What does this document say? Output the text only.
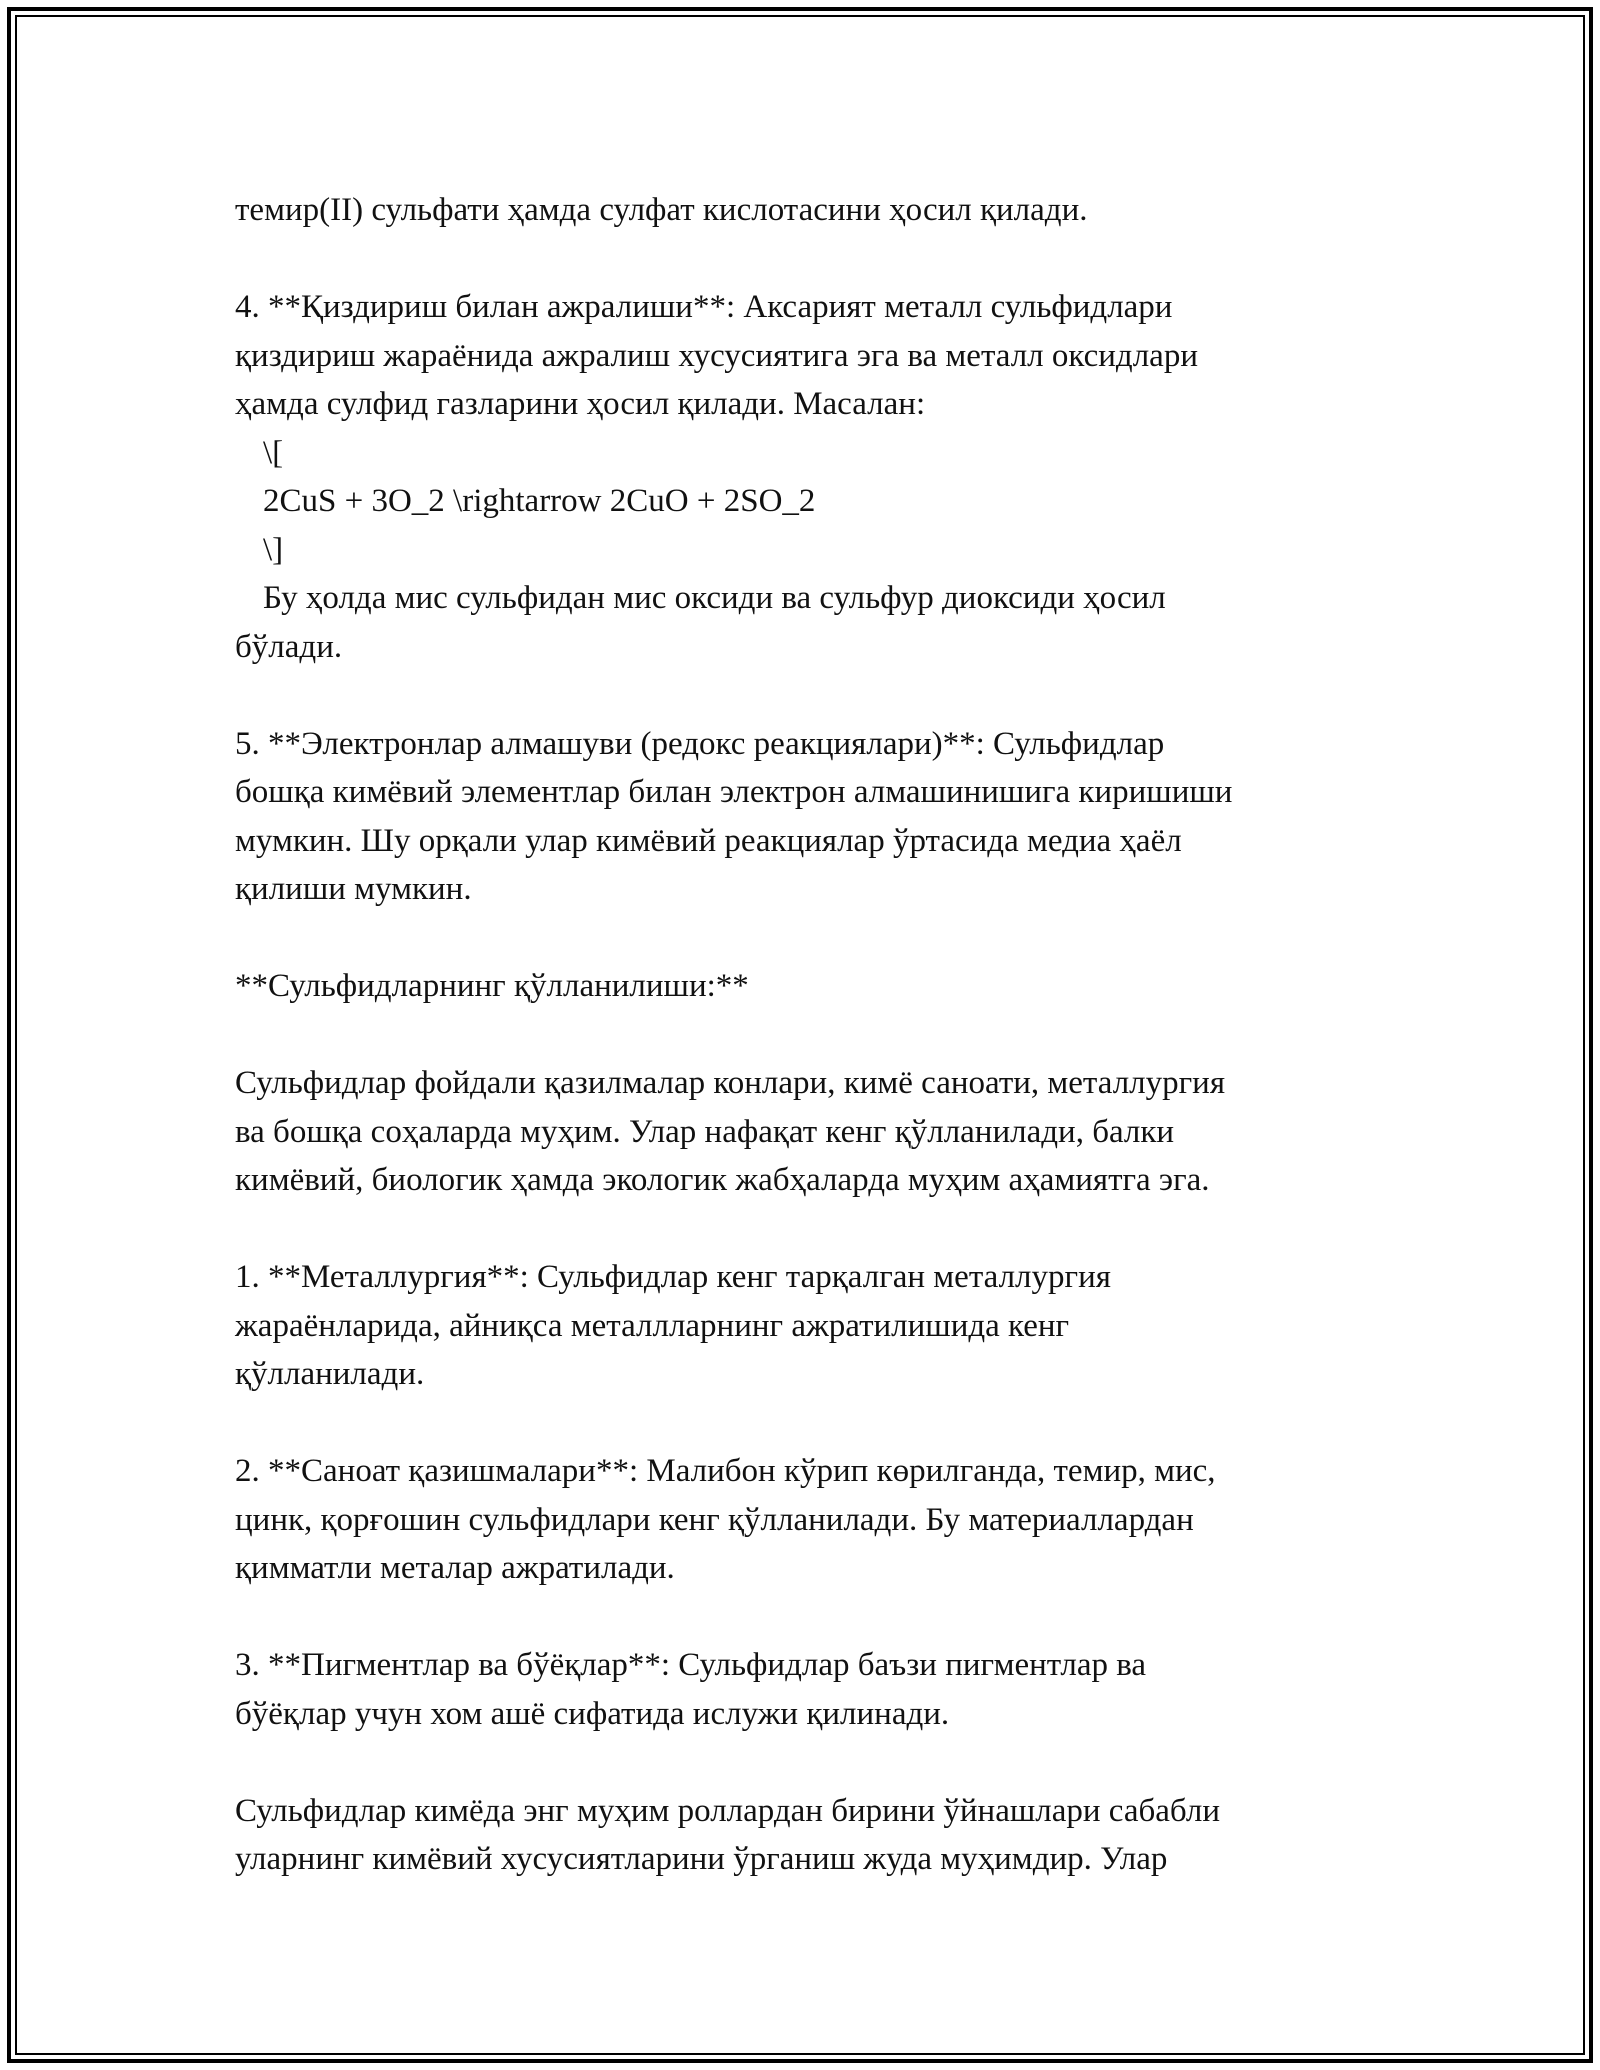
темир(II) сульфати ҳамда сулфат кислотасини ҳосил қилади.
4. **Қиздириш билан ажралиши**: Аксарият металл сульфидлари
қиздириш жараёнида ажралиш хусусиятига эга ва металл оксидлари
ҳамда сулфид газларини ҳосил қилади. Масалан:
\[
2CuS + 3O_2 \rightarrow 2CuO + 2SO_2
\]
Бу ҳолда мис сульфидан мис оксиди ва сульфур диоксиди ҳосил
бўлади.
5. **Электронлар алмашуви (редокс реакциялари)**: Сульфидлар
бошқа кимёвий элементлар билан электрон алмашинишига киришиши
мумкин. Шу орқали улар кимёвий реакциялар ўртасида медиа ҳаёл
қилиши мумкин.
**Сульфидларнинг қўлланилиши:**
Сульфидлар фойдали қазилмалар конлари, кимё саноати, металлургия
ва бошқа соҳаларда муҳим. Улар нафақат кенг қўлланилади, балки
кимёвий, биологик ҳамда экологик жабҳаларда муҳим аҳамиятга эга.
1. **Металлургия**: Сульфидлар кенг тарқалган металлургия
жараёнларида, айниқса металлларнинг ажратилишида кенг
қўлланилади.
2. **Саноат қазишмалари**: Малибон кўрип көрилганда, темир, мис,
цинк, қорғошин сульфидлари кенг қўлланилади. Бу материаллардан
қимматли металар ажратилади.
3. **Пигментлар ва бўёқлар**: Сульфидлар баъзи пигментлар ва
бўёқлар учун хом ашё сифатида ислужи қилинади.
Сульфидлар кимёда энг муҳим роллардан бирини ўйнашлари сабабли
уларнинг кимёвий хусусиятларини ўрганиш жуда муҳимдир. Улар
